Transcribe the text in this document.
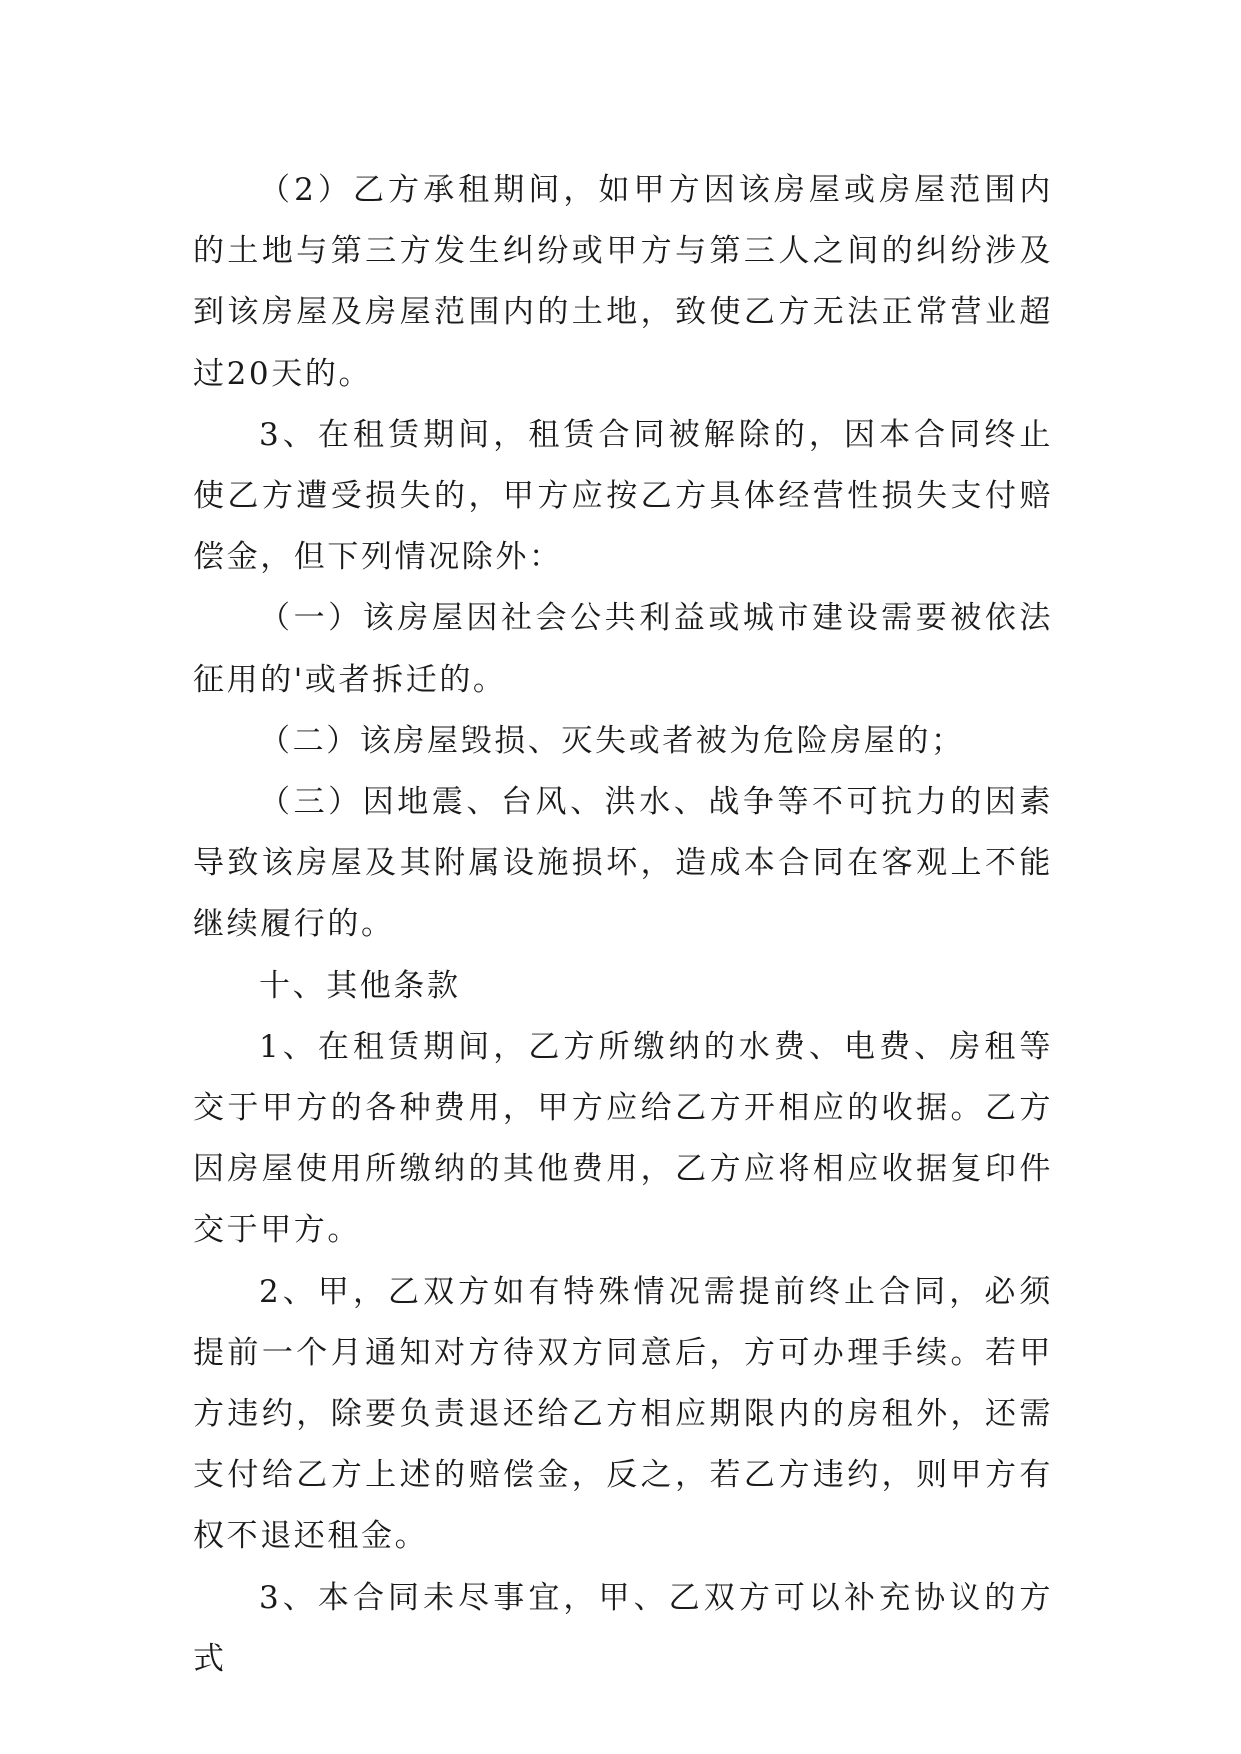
（2）乙方承租期间，如甲方因该房屋或房屋范围内的土地与第三方发生纠纷或甲方与第三人之间的纠纷涉及到该房屋及房屋范围内的土地，致使乙方无法正常营业超过20天的。

3、在租赁期间，租赁合同被解除的，因本合同终止使乙方遭受损失的，甲方应按乙方具体经营性损失支付赔偿金，但下列情况除外：

（一）该房屋因社会公共利益或城市建设需要被依法征用的'或者拆迁的。

（二）该房屋毁损、灭失或者被为危险房屋的；

（三）因地震、台风、洪水、战争等不可抗力的因素导致该房屋及其附属设施损坏，造成本合同在客观上不能继续履行的。

十、其他条款

1、在租赁期间，乙方所缴纳的水费、电费、房租等交于甲方的各种费用，甲方应给乙方开相应的收据。乙方因房屋使用所缴纳的其他费用，乙方应将相应收据复印件交于甲方。

2、甲，乙双方如有特殊情况需提前终止合同，必须提前一个月通知对方待双方同意后，方可办理手续。若甲方违约，除要负责退还给乙方相应期限内的房租外，还需支付给乙方上述的赔偿金，反之，若乙方违约，则甲方有权不退还租金。

3、本合同未尽事宜，甲、乙双方可以补充协议的方式
